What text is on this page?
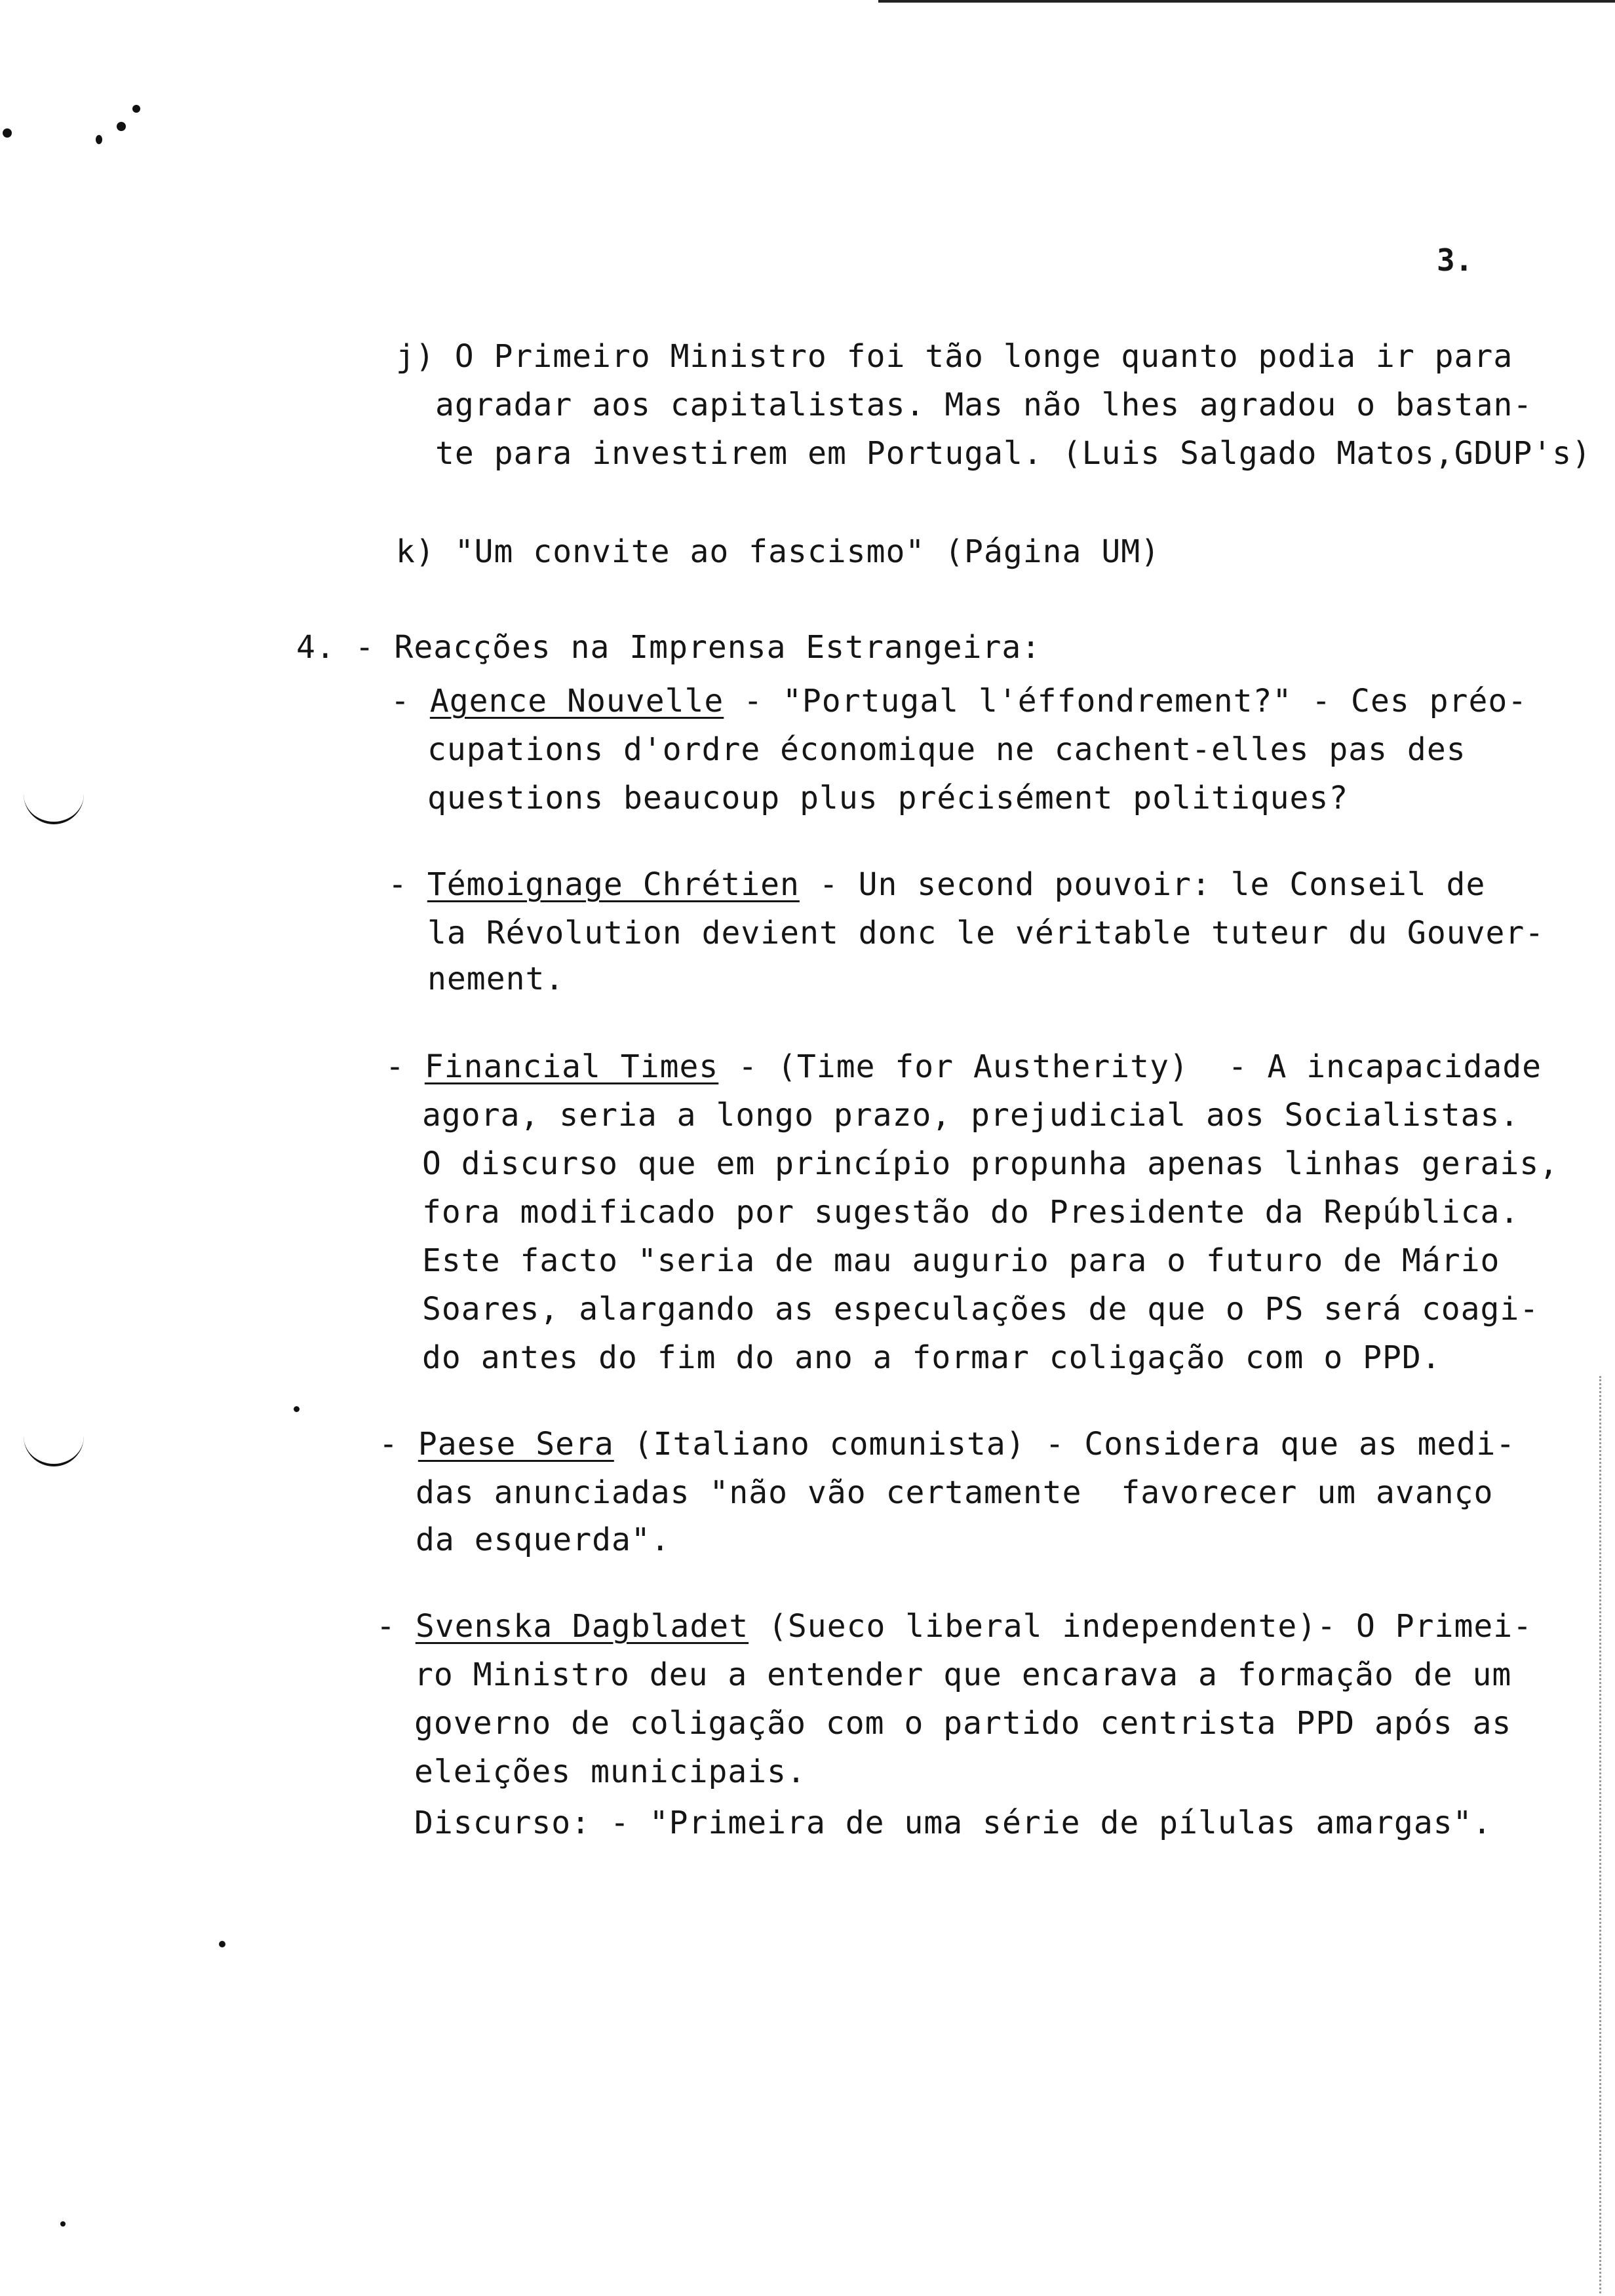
3.
j) O Primeiro Ministro foi tão longe quanto podia ir para
agradar aos capitalistas. Mas não lhes agradou o bastan-
te para investirem em Portugal. (Luis Salgado Matos,GDUP's)
k) "Um convite ao fascismo" (Página UM)
4. - Reacções na Imprensa Estrangeira:
- Agence Nouvelle - "Portugal l'éffondrement?" - Ces préo-
cupations d'ordre économique ne cachent-elles pas des
questions beaucoup plus précisément politiques?
- Témoignage Chrétien - Un second pouvoir: le Conseil de
la Révolution devient donc le véritable tuteur du Gouver-
nement.
- Financial Times - (Time for Austherity)  - A incapacidade
agora, seria a longo prazo, prejudicial aos Socialistas.
O discurso que em princípio propunha apenas linhas gerais,
fora modificado por sugestão do Presidente da República.
Este facto "seria de mau augurio para o futuro de Mário
Soares, alargando as especulações de que o PS será coagi-
do antes do fim do ano a formar coligação com o PPD.
- Paese Sera (Italiano comunista) - Considera que as medi-
das anunciadas "não vão certamente  favorecer um avanço
da esquerda".
- Svenska Dagbladet (Sueco liberal independente)- O Primei-
ro Ministro deu a entender que encarava a formação de um
governo de coligação com o partido centrista PPD após as
eleições municipais.
Discurso: - "Primeira de uma série de pílulas amargas".
